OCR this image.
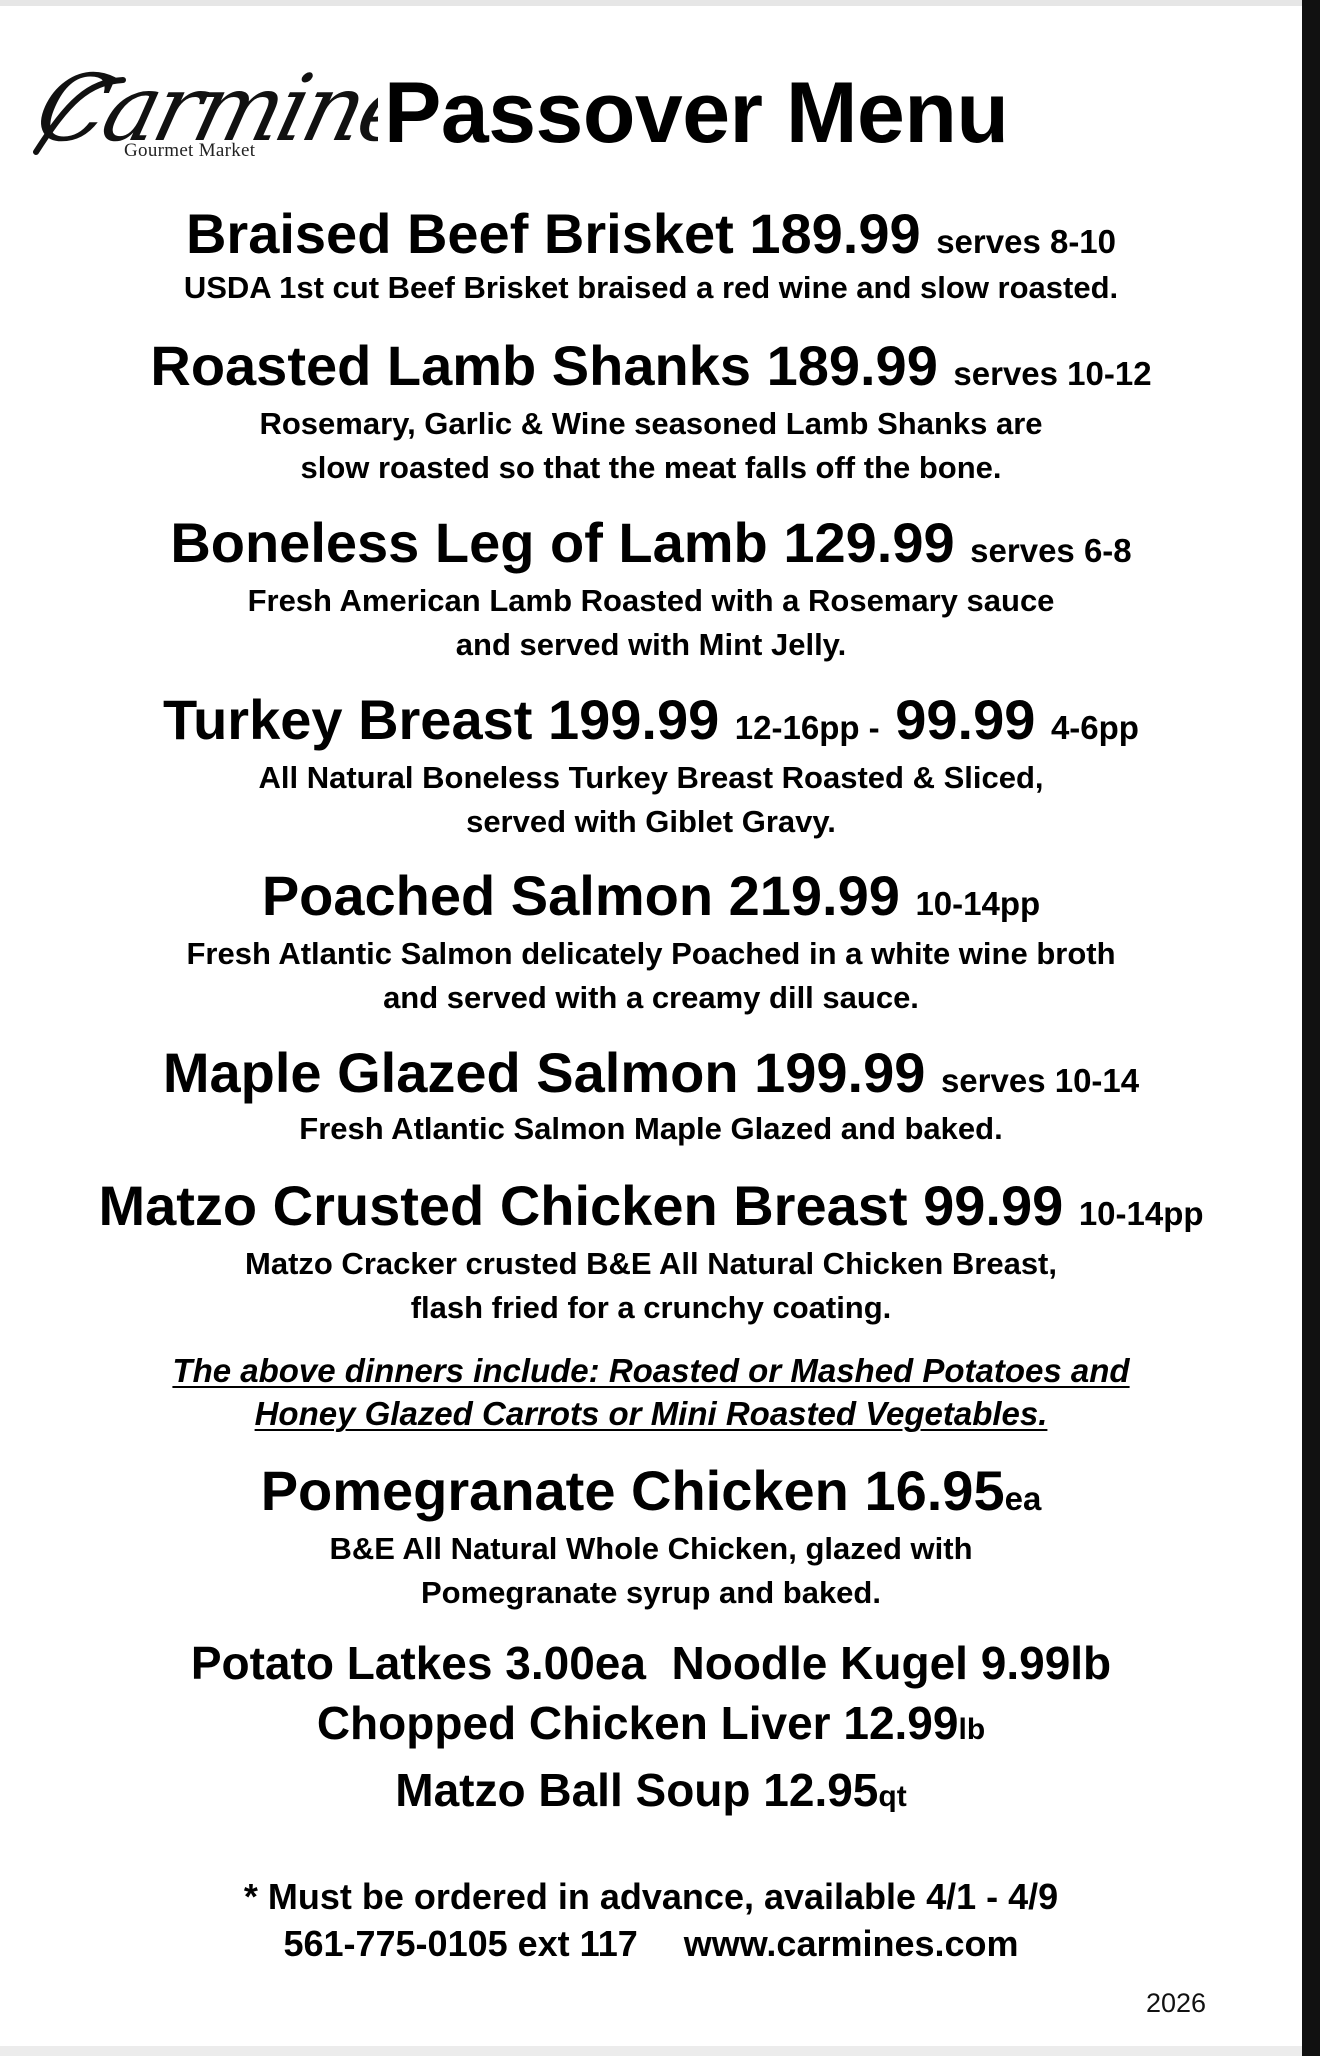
Carmine’s
Gourmet Market Passover Menu
Braised Beef Brisket 189.99 serves 8-10
USDA 1st cut Beef Brisket braised a red wine and slow roasted.
Roasted Lamb Shanks 189.99 serves 10-12
Rosemary, Garlic & Wine seasoned Lamb Shanks are
slow roasted so that the meat falls off the bone.
Boneless Leg of Lamb 129.99 serves 6-8
Fresh American Lamb Roasted with a Rosemary sauce
and served with Mint Jelly.
Turkey Breast 199.99 12-16pp - 99.99 4-6pp
All Natural Boneless Turkey Breast Roasted & Sliced,
served with Giblet Gravy.
Poached Salmon 219.99 10-14pp
Fresh Atlantic Salmon delicately Poached in a white wine broth
and served with a creamy dill sauce.
Maple Glazed Salmon 199.99 serves 10-14
Fresh Atlantic Salmon Maple Glazed and baked.
Matzo Crusted Chicken Breast 99.99 10-14pp
Matzo Cracker crusted B&E All Natural Chicken Breast,
flash fried for a crunchy coating.
The above dinners include: Roasted or Mashed Potatoes and
Honey Glazed Carrots or Mini Roasted Vegetables.
Pomegranate Chicken 16.95ea
B&E All Natural Whole Chicken, glazed with
Pomegranate syrup and baked.
Potato Latkes 3.00ea Noodle Kugel 9.99lb
Chopped Chicken Liver 12.99lb
Matzo Ball Soup 12.95qt
* Must be ordered in advance, available 4/1 - 4/9
561-775-0105 ext 117 www.carmines.com
2026
